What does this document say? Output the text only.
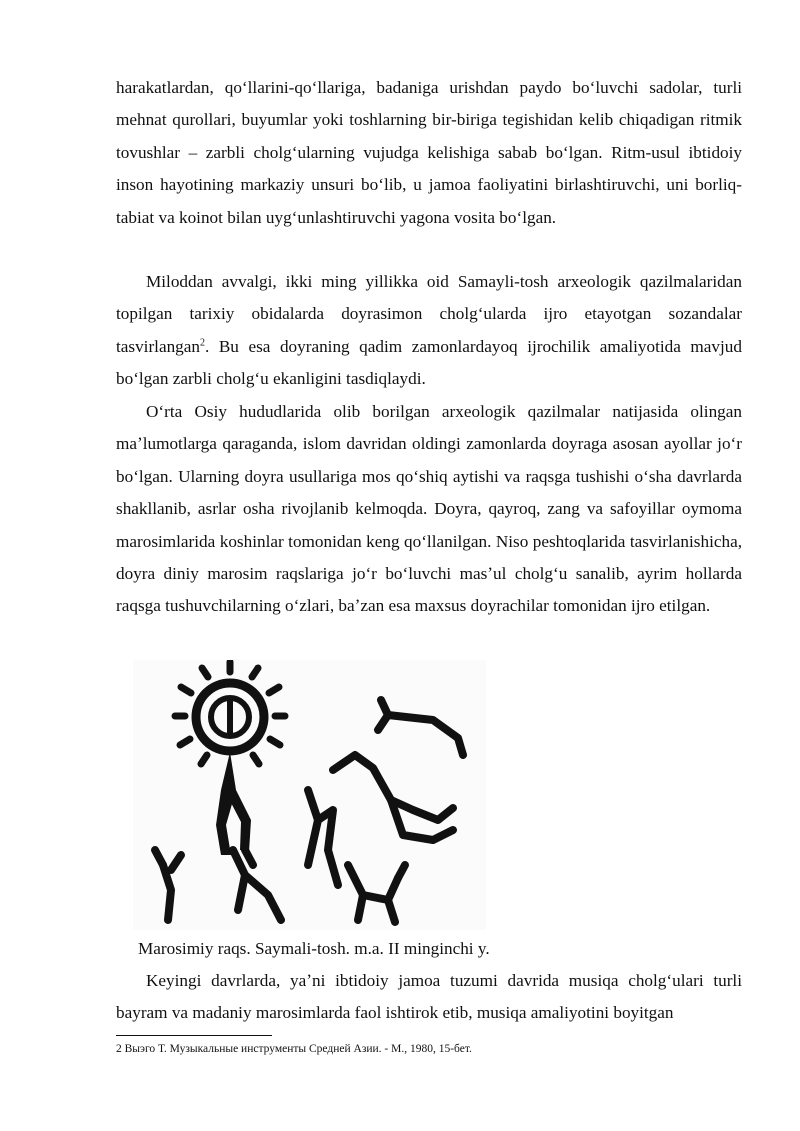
harakatlardan, qoʻllarini-qoʻllariga, badaniga urishdan paydo boʻluvchi sadolar, turli mehnat qurollari, buyumlar yoki toshlarning bir-biriga tegishidan kelib chiqadigan ritmik tovushlar – zarbli cholgʻularning vujudga kelishiga sabab boʻlgan. Ritm-usul ibtidoiy inson hayotining markaziy unsuri boʻlib, u jamoa faoliyatini birlashtiruvchi, uni borliq-tabiat va koinot bilan uygʻunlashtiruvchi yagona vosita boʻlgan.

Miloddan avvalgi, ikki ming yillikka oid Samayli-tosh arxeologik qazilmalaridan topilgan tarixiy obidalarda doyrasimon cholgʻularda ijro etayotgan sozandalar tasvirlangan$^2$. Bu esa doyraning qadim zamonlardayoq ijrochilik amaliyotida mavjud boʻlgan zarbli cholgʻu ekanligini tasdiqlaydi.

Oʻrta Osiy hududlarida olib borilgan arxeologik qazilmalar natijasida olingan maʼlumotlarga qaraganda, islom davridan oldingi zamonlarda doyraga asosan ayollar joʻr boʻlgan. Ularning doyra usullariga mos qoʻshiq aytishi va raqsga tushishi oʻsha davrlarda shakllanib, asrlar osha rivojlanib kelmoqda. Doyra, qayroq, zang va safoyillar oymoma marosimlarida koshinlar tomonidan keng qoʻllanilgan. Niso peshtoqlarida tasvirlanishicha, doyra diniy marosim raqslariga joʻr boʻluvchi masʼul cholgʻu sanalib, ayrim hollarda raqsga tushuvchilarning oʻzlari, baʼzan esa maxsus doyrachilar tomonidan ijro etilgan.

Marosimiy raqs. Saymali-tosh. m.a. II minginchi y.

Keyingi davrlarda, yaʼni ibtidoiy jamoa tuzumi davrida musiqa cholgʻulari turli bayram va madaniy marosimlarda faol ishtirok etib, musiqa amaliyotini boyitgan

2 Выэго Т. Музыкальные инструменты Средней Азии. - М., 1980, 15-бет.
